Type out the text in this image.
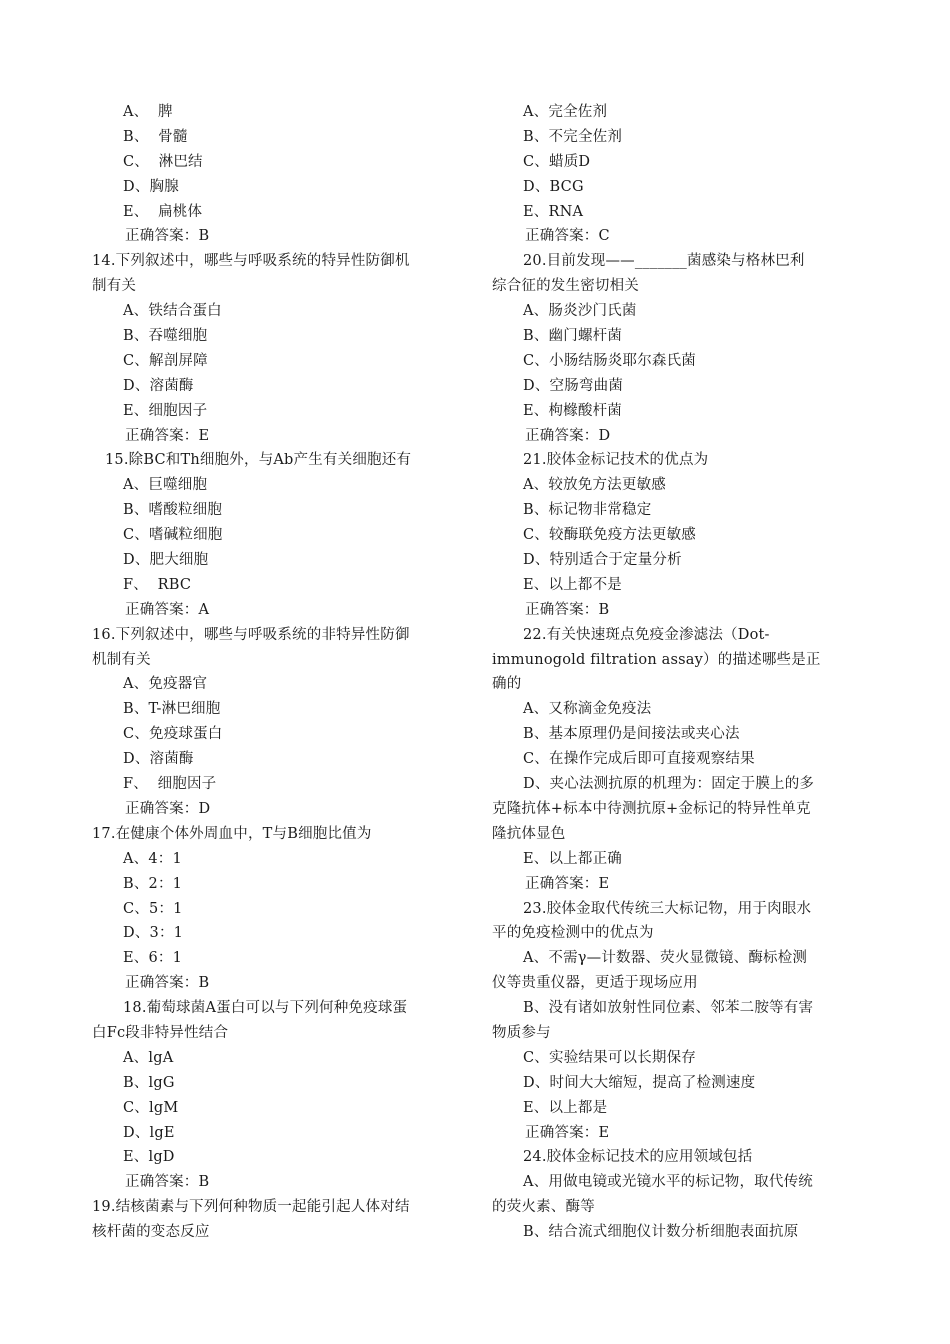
A、  脾
B、  骨髓
C、  淋巴结
D、胸腺
E、  扁桃体
正确答案：B
14.下列叙述中，哪些与呼吸系统的特异性防御机
制有关
A、铁结合蛋白
B、吞噬细胞
C、解剖屏障
D、溶菌酶
E、细胞因子
正确答案：E
15.除BC和Th细胞外，与Ab产生有关细胞还有
A、巨噬细胞
B、嗜酸粒细胞
C、嗜碱粒细胞
D、肥大细胞
F、  RBC
正确答案：A
16.下列叙述中，哪些与呼吸系统的非特异性防御
机制有关
A、免疫器官
B、T-淋巴细胞
C、免疫球蛋白
D、溶菌酶
F、  细胞因子
正确答案：D
17.在健康个体外周血中，T与B细胞比值为
A、4：1
B、2：1
C、5：1
D、3：1
E、6：1
正确答案：B
18.葡萄球菌A蛋白可以与下列何种免疫球蛋
白Fc段非特异性结合
A、lgA
B、lgG
C、lgM
D、lgE
E、lgD
正确答案：B
19.结核菌素与下列何种物质一起能引起人体对结
核杆菌的变态反应
A、完全佐剂
B、不完全佐剂
C、蜡质D
D、BCG
E、RNA
正确答案：C
20.目前发现——_______菌感染与格林巴利
综合征的发生密切相关
A、肠炎沙门氏菌
B、幽门螺杆菌
C、小肠结肠炎耶尔森氏菌
D、空肠弯曲菌
E、枸橼酸杆菌
正确答案：D
21.胶体金标记技术的优点为
A、较放免方法更敏感
B、标记物非常稳定
C、较酶联免疫方法更敏感
D、特别适合于定量分析
E、以上都不是
正确答案：B
22.有关快速斑点免疫金渗滤法（Dot-
immunogold filtration assay）的描述哪些是正
确的
A、又称滴金免疫法
B、基本原理仍是间接法或夹心法
C、在操作完成后即可直接观察结果
D、夹心法测抗原的机理为：固定于膜上的多
克隆抗体+标本中待测抗原+金标记的特异性单克
隆抗体显色
E、以上都正确
正确答案：E
23.胶体金取代传统三大标记物，用于肉眼水
平的免疫检测中的优点为
A、不需γ—计数器、荧火显微镜、酶标检测
仪等贵重仪器，更适于现场应用
B、没有诸如放射性同位素、邻苯二胺等有害
物质参与
C、实验结果可以长期保存
D、时间大大缩短，提高了检测速度
E、以上都是
正确答案：E
24.胶体金标记技术的应用领域包括
A、用做电镜或光镜水平的标记物，取代传统
的荧火素、酶等
B、结合流式细胞仪计数分析细胞表面抗原
